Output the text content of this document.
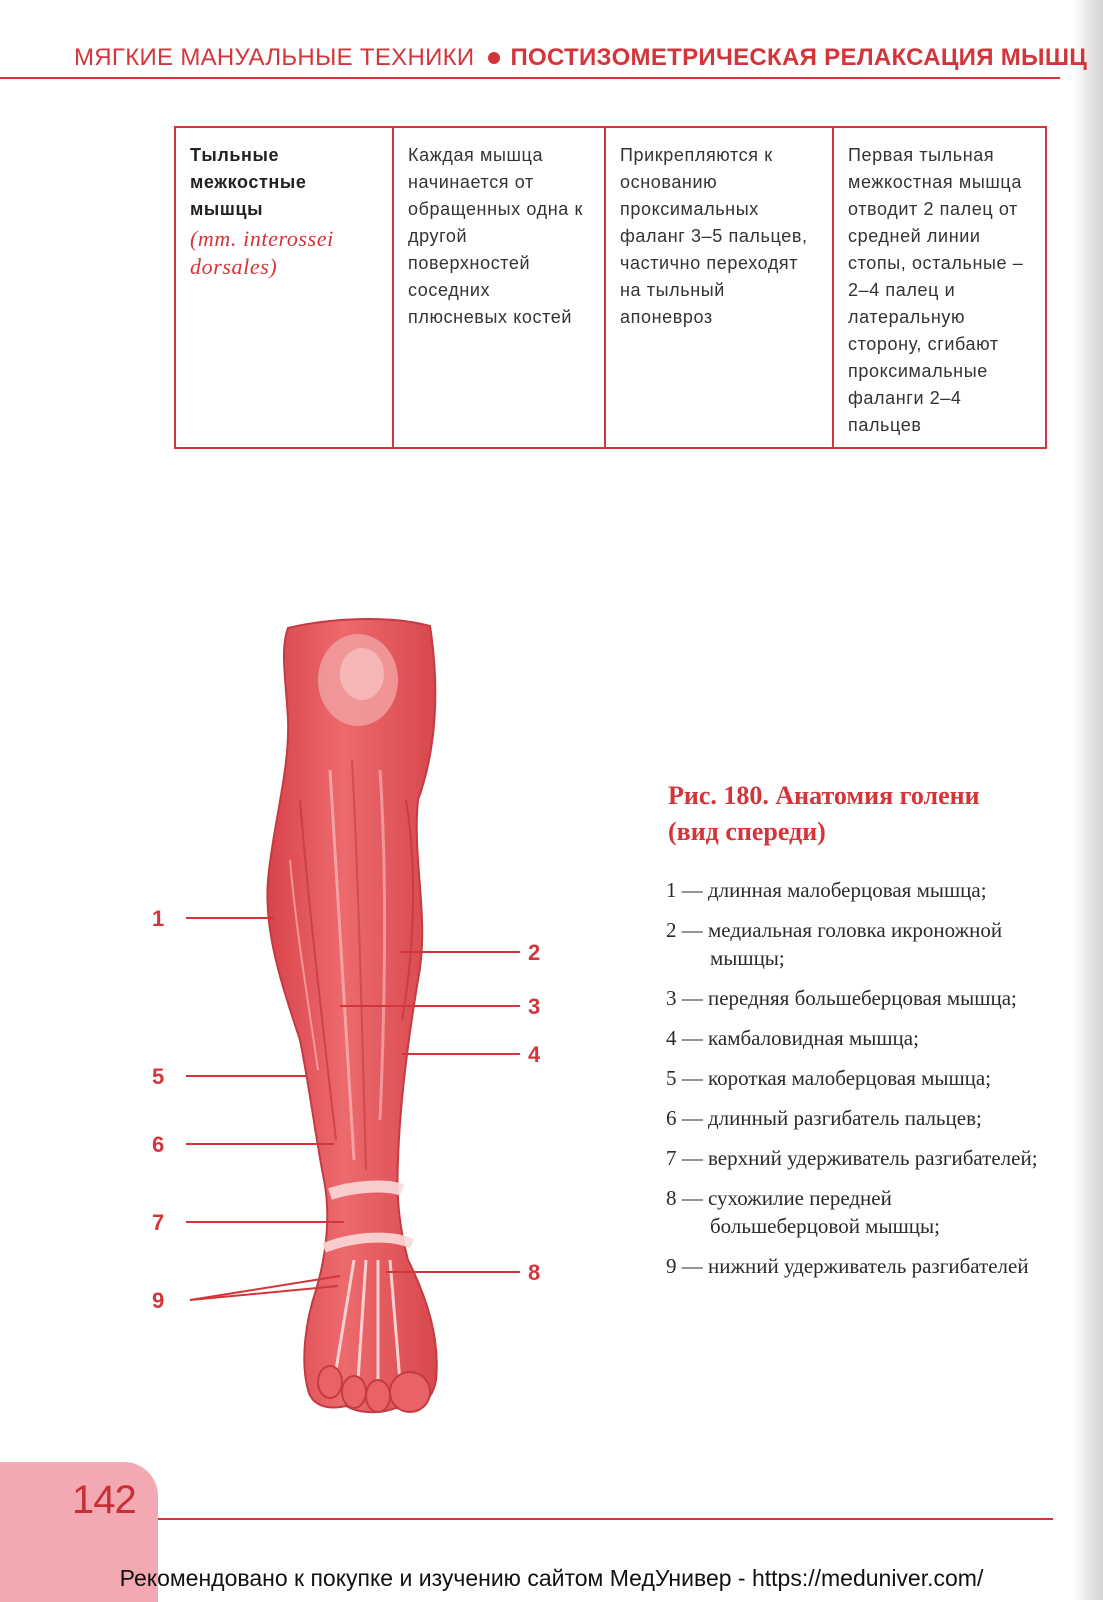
МЯГКИЕ МАНУАЛЬНЫЕ ТЕХНИКИ ПОСТИЗОМЕТРИЧЕСКАЯ РЕЛАКСАЦИЯ МЫШЦ
Тыльные межкостные мышцы
(mm. interossei dorsales)
	Каждая мышца начинается от обращенных одна к другой поверхностей соседних плюсневых костей	Прикрепляются к основанию проксимальных фаланг 3–5 пальцев, частично переходят на тыльный апоневроз	Первая тыльная межкостная мышца отводит 2 палец от средней линии стопы, остальные – 2–4 палец и латеральную сторону, сгибают проксимальные фаланги 2–4 пальцев
1
2
3
4
5
6
7
8
9
Рис. 180. Анатомия голени (вид спереди)
1 — длинная малоберцовая мышца;
2 — медиальная головка икроножной мышцы;
3 — передняя большеберцовая мышца;
4 — камбаловидная мышца;
5 — короткая малоберцовая мышца;
6 — длинный разгибатель пальцев;
7 — верхний удерживатель разгибателей;
8 — сухожилие передней большеберцовой мышцы;
9 — нижний удерживатель разгибателей
142
Рекомендовано к покупке и изучению сайтом МедУнивер - https://meduniver.com/
